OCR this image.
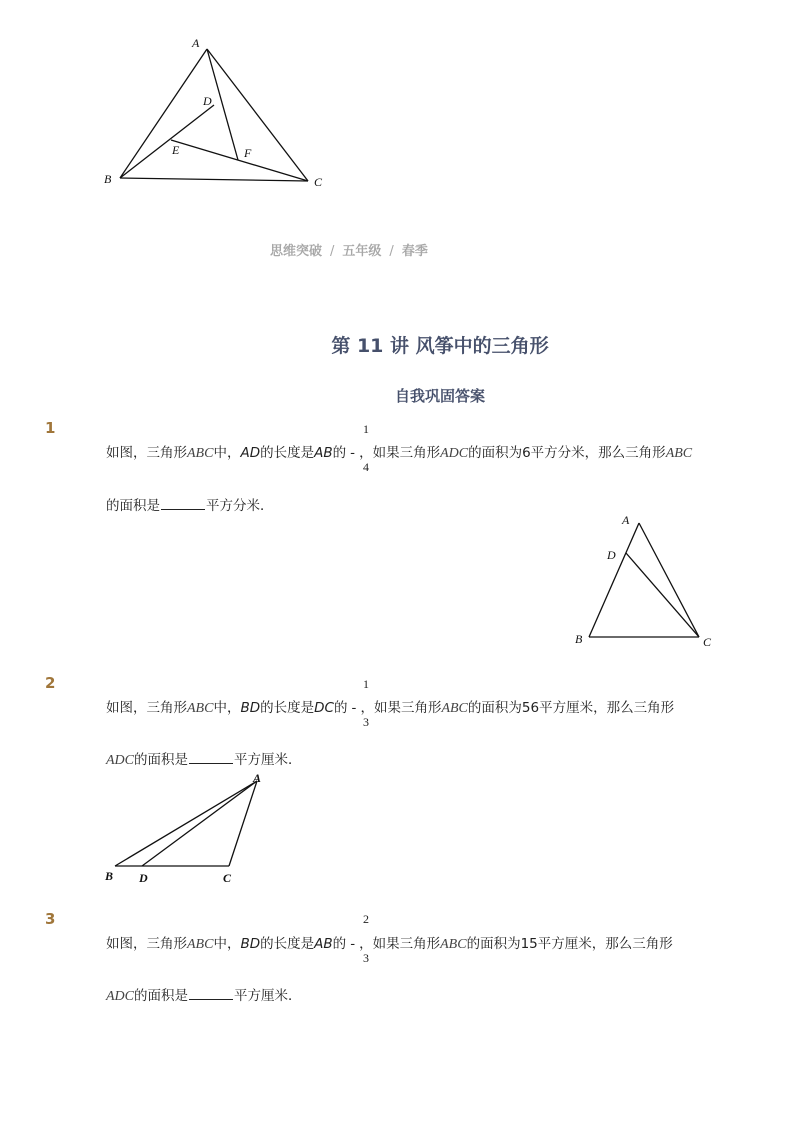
A
B	C
D
E	F
思维突破 / 五年级 / 春季
第 11 讲 风筝中的三角形
自我巩固答案
1	1
4
如图，三角形ABC中，AD的长度是AB的 - ，如果三角形ADC的面积为6平方分米，那么三角形ABC
的面积是	平方分米．
A
B	C
D
2	1
3
如图，三角形ABC中，BD的长度是DC的 - ，如果三角形ABC的面积为56平方厘米，那么三角形
ADC的面积是	平方厘米．
A
B D	C
3	2
3
如图，三角形ABC中，BD的长度是AB的 - ，如果三角形ABC的面积为15平方厘米，那么三角形
ADC的面积是	平方厘米．
